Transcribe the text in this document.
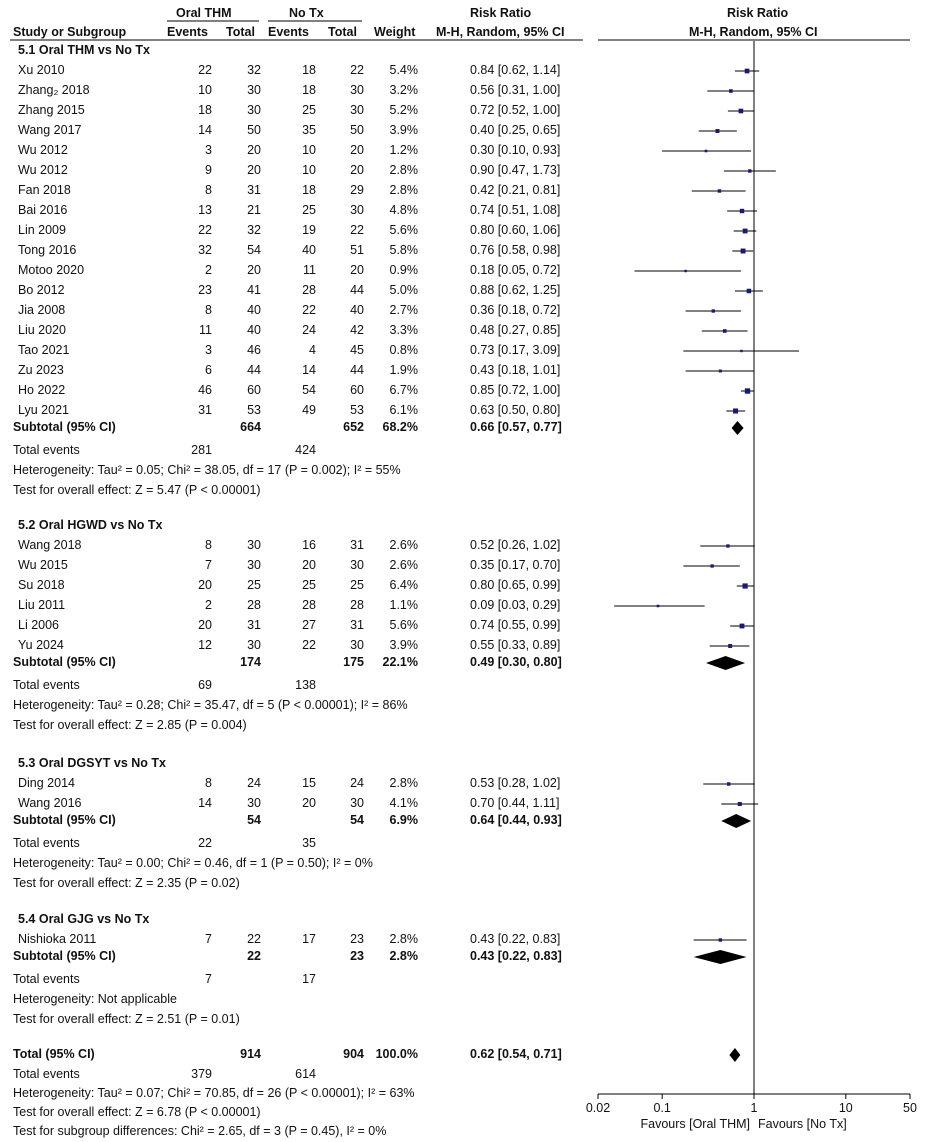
Oral THM	No Tx	Risk Ratio	Risk Ratio
Study or Subgroup	Events Total Events Total Weight M-H, Random, 95% CI	M-H, Random, 95% CI
5.1 Oral THM vs No Tx
Xu 2010	22	32	18	22	5.4%	0.84 [0.62, 1.14]
Zhang₂ 2018	10	30	18	30	3.2%	0.56 [0.31, 1.00]
Zhang 2015	18	30	25	30	5.2%	0.72 [0.52, 1.00]
Wang 2017	14	50	35	50	3.9%	0.40 [0.25, 0.65]
Wu 2012	3	20	10	20	1.2%	0.30 [0.10, 0.93]
Wu 2012	9	20	10	20	2.8%	0.90 [0.47, 1.73]
Fan 2018	8	31	18	29	2.8%	0.42 [0.21, 0.81]
Bai 2016	13	21	25	30	4.8%	0.74 [0.51, 1.08]
Lin 2009	22	32	19	22	5.6%	0.80 [0.60, 1.06]
Tong 2016	32	54	40	51	5.8%	0.76 [0.58, 0.98]
Motoo 2020	2	20	11	20	0.9%	0.18 [0.05, 0.72]
Bo 2012	23	41	28	44	5.0%	0.88 [0.62, 1.25]
Jia 2008	8	40	22	40	2.7%	0.36 [0.18, 0.72]
Liu 2020	11	40	24	42	3.3%	0.48 [0.27, 0.85]
Tao 2021	3	46	4	45	0.8%	0.73 [0.17, 3.09]
Zu 2023	6	44	14	44	1.9%	0.43 [0.18, 1.01]
Ho 2022	46	60	54	60	6.7%	0.85 [0.72, 1.00]
Lyu 2021	31	53	49	53	6.1%	0.63 [0.50, 0.80]
Subtotal (95% CI)	664	652	68.2%	0.66 [0.57, 0.77]
Total events	281	424
Heterogeneity: Tau² = 0.05; Chi² = 38.05, df = 17 (P = 0.002); I² = 55%
Test for overall effect: Z = 5.47 (P < 0.00001)
5.2 Oral HGWD vs No Tx
Wang 2018	8	30	16	31	2.6%	0.52 [0.26, 1.02]
Wu 2015	7	30	20	30	2.6%	0.35 [0.17, 0.70]
Su 2018	20	25	25	25	6.4%	0.80 [0.65, 0.99]
Liu 2011	2	28	28	28	1.1%	0.09 [0.03, 0.29]
Li 2006	20	31	27	31	5.6%	0.74 [0.55, 0.99]
Yu 2024	12	30	22	30	3.9%	0.55 [0.33, 0.89]
Subtotal (95% CI)	174	175	22.1%	0.49 [0.30, 0.80]
Total events	69	138
Heterogeneity: Tau² = 0.28; Chi² = 35.47, df = 5 (P < 0.00001); I² = 86%
Test for overall effect: Z = 2.85 (P = 0.004)
5.3 Oral DGSYT vs No Tx
Ding 2014	8	24	15	24	2.8%	0.53 [0.28, 1.02]
Wang 2016	14	30	20	30	4.1%	0.70 [0.44, 1.11]
Subtotal (95% CI)	54	54	6.9%	0.64 [0.44, 0.93]
Total events	22	35
Heterogeneity: Tau² = 0.00; Chi² = 0.46, df = 1 (P = 0.50); I² = 0%
Test for overall effect: Z = 2.35 (P = 0.02)
5.4 Oral GJG vs No Tx
Nishioka 2011	7	22	17	23	2.8%	0.43 [0.22, 0.83]
Subtotal (95% CI)	22	23	2.8%	0.43 [0.22, 0.83]
Total events	7	17
Heterogeneity: Not applicable
Test for overall effect: Z = 2.51 (P = 0.01)
Total (95% CI)	914	904 100.0%	0.62 [0.54, 0.71]
Total events	379	614
Heterogeneity: Tau² = 0.07; Chi² = 70.85, df = 26 (P < 0.00001); I² = 63%
Test for overall effect: Z = 6.78 (P < 0.00001)
Test for subgroup differences: Chi² = 2.65, df = 3 (P = 0.45), I² = 0%
0.02	0.1	1	10	50
Favours [Oral THM] Favours [No Tx]
